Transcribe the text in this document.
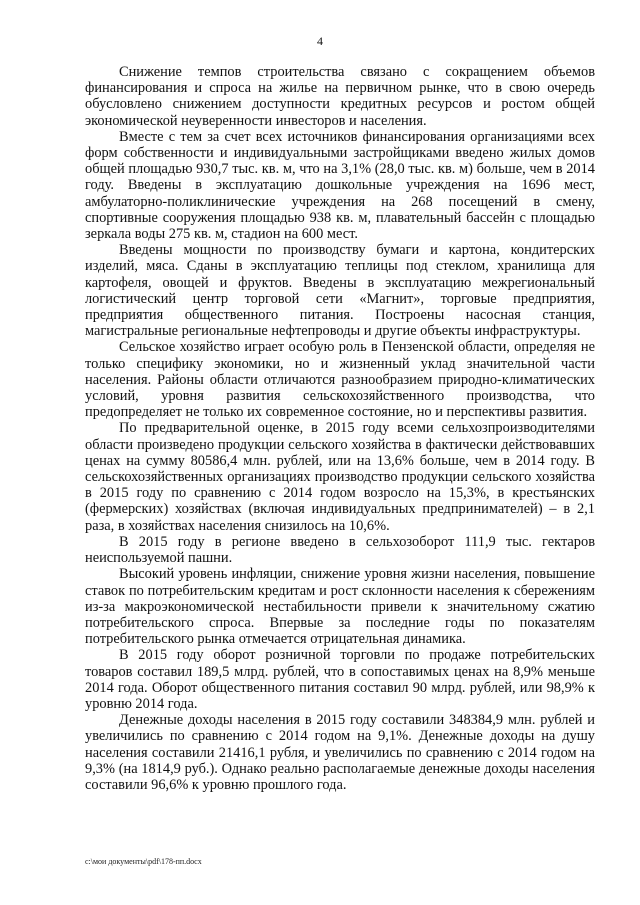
4

Снижение темпов строительства связано с сокращением объемов финансирования и спроса на жилье на первичном рынке, что в свою очередь обусловлено снижением доступности кредитных ресурсов и ростом общей экономической неуверенности инвесторов и населения.

Вместе с тем за счет всех источников финансирования организациями всех форм собственности и индивидуальными застройщиками введено жилых домов общей площадью 930,7 тыс. кв. м, что на 3,1% (28,0 тыс. кв. м) больше, чем в 2014 году. Введены в эксплуатацию дошкольные учреждения на 1696 мест, амбулаторно-поликлинические учреждения на 268 посещений в смену, спортивные сооружения площадью 938 кв. м, плавательный бассейн с площадью зеркала воды 275 кв. м, стадион на 600 мест.

Введены мощности по производству бумаги и картона, кондитерских изделий, мяса. Сданы в эксплуатацию теплицы под стеклом, хранилища для картофеля, овощей и фруктов. Введены в эксплуатацию межрегиональный логистический центр торговой сети «Магнит», торговые предприятия, предприятия общественного питания. Построены насосная станция, магистральные региональные нефтепроводы и другие объекты инфраструктуры.

Сельское хозяйство играет особую роль в Пензенской области, определяя не только специфику экономики, но и жизненный уклад значительной части населения. Районы области отличаются разнообразием природно-климатических условий, уровня развития сельскохозяйственного производства, что предопределяет не только их современное состояние, но и перспективы развития.

По предварительной оценке, в 2015 году всеми сельхозпроизводителями области произведено продукции сельского хозяйства в фактически действовавших ценах на сумму 80586,4 млн. рублей, или на 13,6% больше, чем в 2014 году. В сельскохозяйственных организациях производство продукции сельского хозяйства в 2015 году по сравнению с 2014 годом возросло на 15,3%, в крестьянских (фермерских) хозяйствах (включая индивидуальных предпринимателей) – в 2,1 раза, в хозяйствах населения снизилось на 10,6%.

В 2015 году в регионе введено в сельхозоборот 111,9 тыс. гектаров неиспользуемой пашни.

Высокий уровень инфляции, снижение уровня жизни населения, повышение ставок по потребительским кредитам и рост склонности населения к сбережениям из-за макроэкономической нестабильности привели к значительному сжатию потребительского спроса. Впервые за последние годы по показателям потребительского рынка отмечается отрицательная динамика.

В 2015 году оборот розничной торговли по продаже потребительских товаров составил 189,5 млрд. рублей, что в сопоставимых ценах на 8,9% меньше 2014 года. Оборот общественного питания составил 90 млрд. рублей, или 98,9% к уровню 2014 года.

Денежные доходы населения в 2015 году составили 348384,9 млн. рублей и увеличились по сравнению с 2014 годом на 9,1%. Денежные доходы на душу населения составили 21416,1 рубля, и увеличились по сравнению с 2014 годом на 9,3% (на 1814,9 руб.). Однако реально располагаемые денежные доходы населения составили 96,6% к уровню прошлого года.

c:\мои документы\pdf\178-пп.docx
